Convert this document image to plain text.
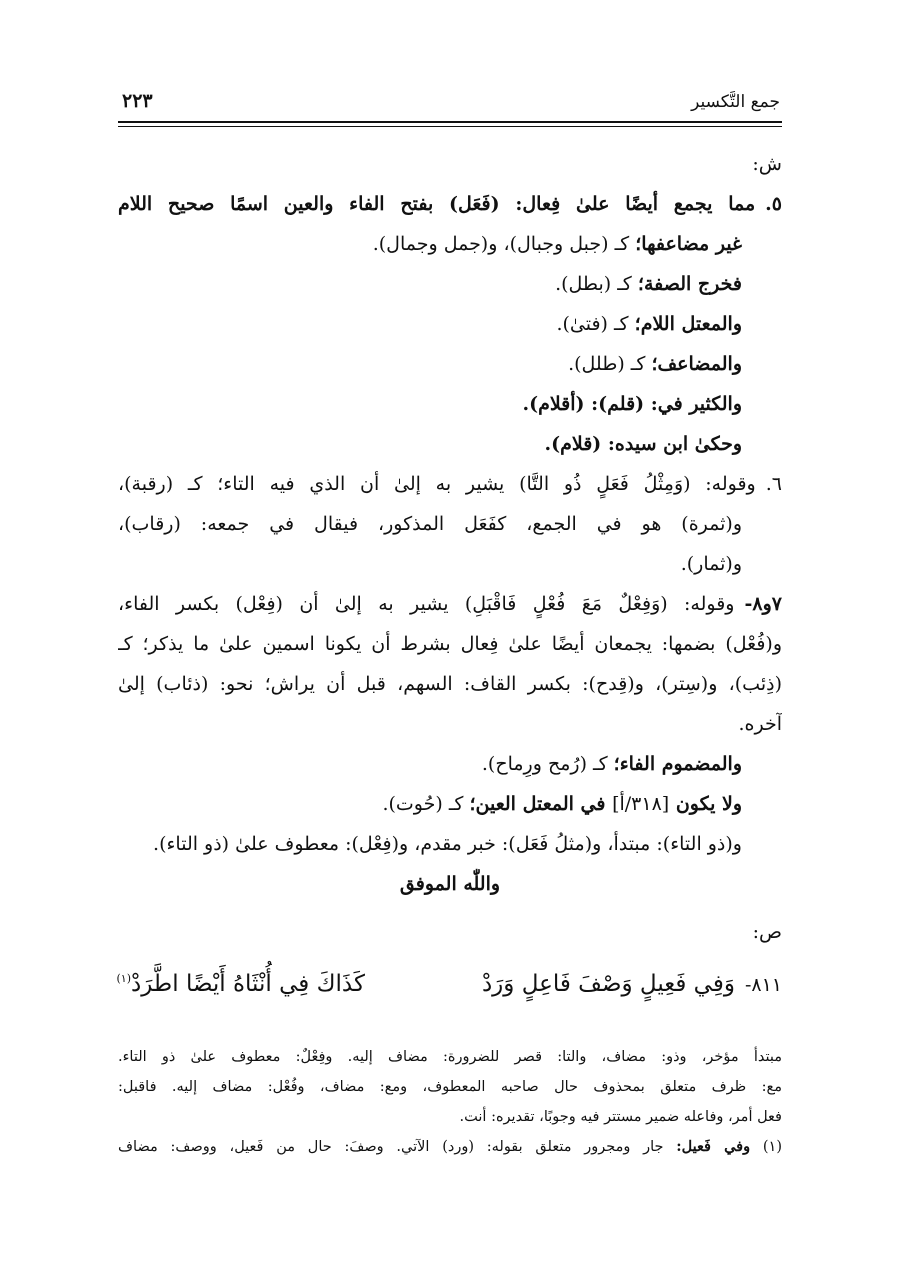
جمع التَّكسير
٢٢٣
ش:
٥.مما يجمع أيضًا علىٰ فِعال: (فَعَل) بفتح الفاء والعين اسمًا صحيح اللام
غير مضاعفها؛ كـ (جبل وجبال)، و(جمل وجمال).
فخرج الصفة؛ كـ (بطل).
والمعتل اللام؛ كـ (فتىٰ).
والمضاعف؛ كـ (طلل).
والكثير في: (قلم): (أقلام).
وحكىٰ ابن سيده: (قلام).
٦.وقوله: (وَمِثْلُ فَعَلٍ ذُو التَّا) يشير به إلىٰ أن الذي فيه التاء؛ كـ (رقبة)،
و(ثمرة) هو في الجمع، كفَعَل المذكور، فيقال في جمعه: (رقاب)،
و(ثمار).
٧و٨-وقوله: (وَفِعْلٌ مَعَ فُعْلٍ فَاقْبَلِ) يشير به إلىٰ أن (فِعْل) بكسر الفاء،
و(فُعْل) بضمها: يجمعان أيضًا علىٰ فِعال بشرط أن يكونا اسمين علىٰ ما يذكر؛ كـ
(ذِئب)، و(سِتر)، و(قِدح): بكسر القاف: السهم، قبل أن يراش؛ نحو: (ذئاب) إلىٰ
آخره.
والمضموم الفاء؛ كـ (رُمح ورِماح).
ولا يكون [٣١٨/أ] في المعتل العين؛ كـ (حُوت).
و(ذو التاء): مبتدأ، و(مثلُ فَعَل): خبر مقدم، و(فِعْل): معطوف علىٰ (ذو التاء).
واللّٰه الموفق
ص:
٨١١-وَفِي فَعِيلٍ وَصْفَ فَاعِلٍ وَرَدْكَذَاكَ فِي أُنْثَاهُ أَيْضًا اطَّرَدْ$^{(١)}$
مبتدأ مؤخر، وذو: مضاف، والتا: قصر للضرورة: مضاف إليه. وفِعْلٌ: معطوف علىٰ ذو التاء.
مع: ظرف متعلق بمحذوف حال صاحبه المعطوف، ومع: مضاف، وفُعْل: مضاف إليه. فاقبل:
فعل أمر، وفاعله ضمير مستتر فيه وجوبًا، تقديره: أنت.
(١) وفي فَعيل: جار ومجرور متعلق بقوله: (ورد) الآتي. وصفَ: حال من فَعيل، ووصف: مضاف
